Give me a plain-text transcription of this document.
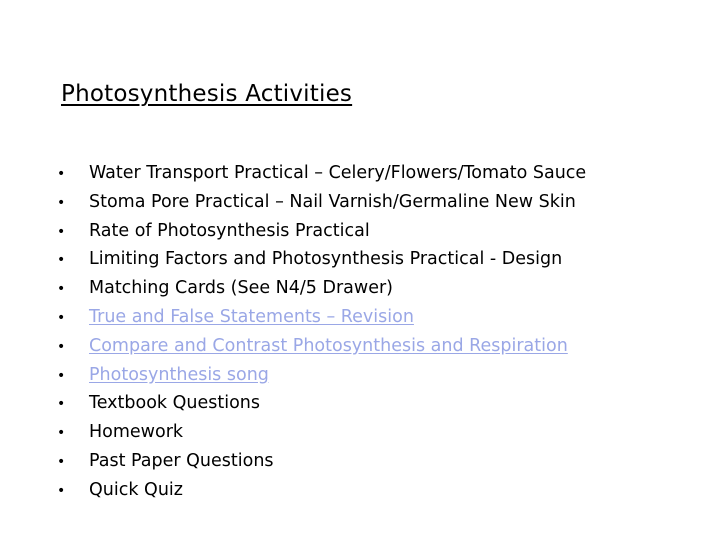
Photosynthesis Activities
•	Water Transport Practical – Celery/Flowers/Tomato Sauce
•	Stoma Pore Practical – Nail Varnish/Germaline New Skin
•	Rate of Photosynthesis Practical
•	Limiting Factors and Photosynthesis Practical - Design
•	Matching Cards (See N4/5 Drawer)
•	True and False Statements – Revision
•	Compare and Contrast Photosynthesis and Respiration
•	Photosynthesis song
•	Textbook Questions
•	Homework
•	Past Paper Questions
•	Quick Quiz
